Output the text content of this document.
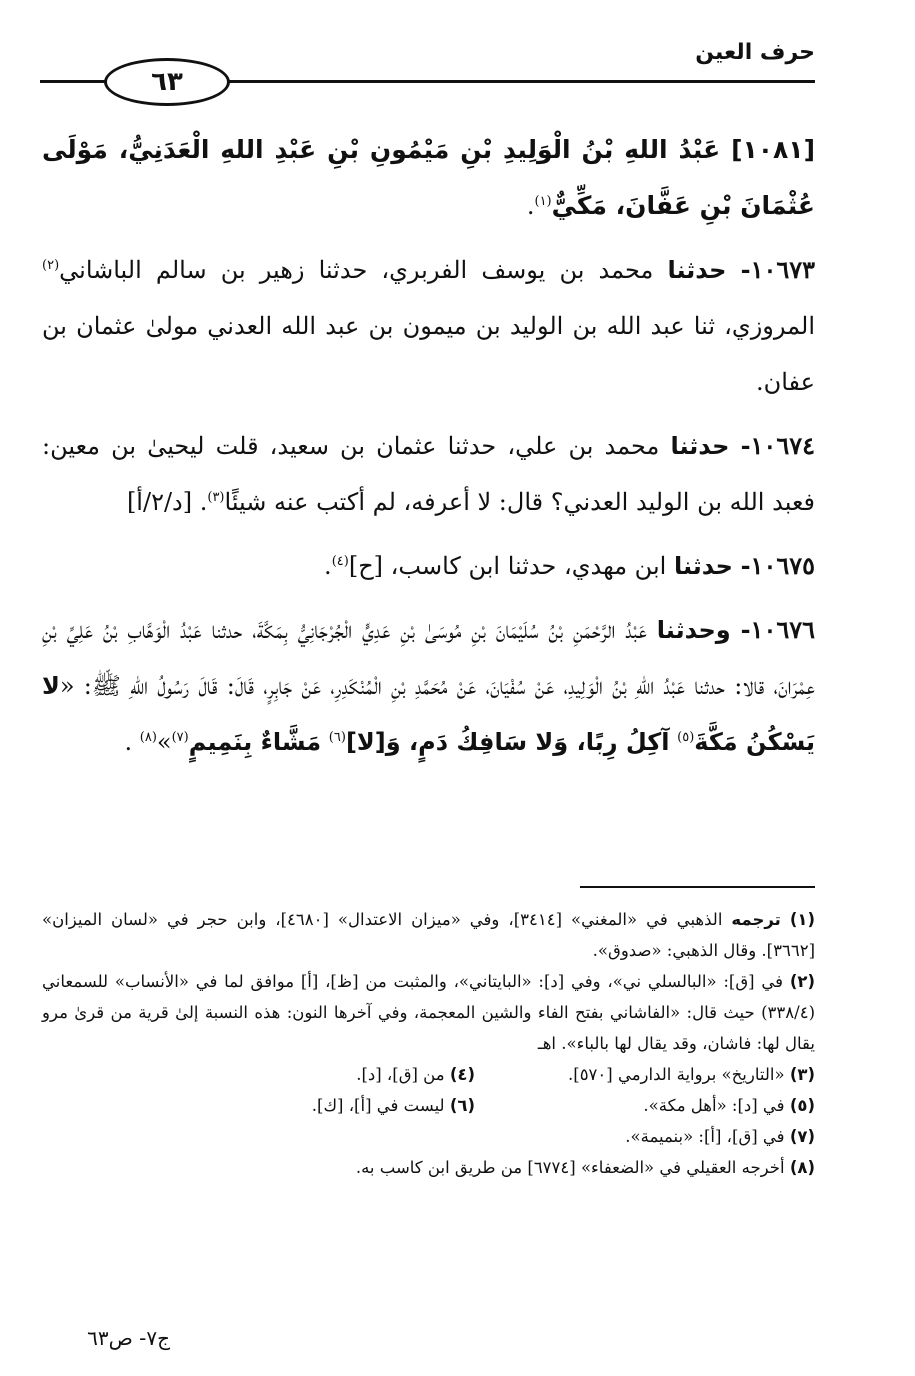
حرف العين
٦٣

[١٠٨١] عَبْدُ اللهِ بْنُ الْوَلِيدِ بْنِ مَيْمُونِ بْنِ عَبْدِ اللهِ الْعَدَنِيُّ، مَوْلَى عُثْمَانَ بْنِ عَفَّانَ، مَكِّيٌّ$^{(١)}$.

١٠٦٧٣- حدثنا محمد بن يوسف الفربري، حدثنا زهير بن سالم الباشاني$^{(٢)}$ المروزي، ثنا عبد الله بن الوليد بن ميمون بن عبد الله العدني مولىٰ عثمان بن عفان.

١٠٦٧٤- حدثنا محمد بن علي، حدثنا عثمان بن سعيد، قلت ليحيىٰ بن معين: فعبد الله بن الوليد العدني؟ قال: لا أعرفه، لم أكتب عنه شيئًا$^{(٣)}$. [د/٢/أ]

١٠٦٧٥- حدثنا ابن مهدي، حدثنا ابن كاسب، [ح]$^{(٤)}$.

١٠٦٧٦- وحدثنا عَبْدُ الرَّحْمَنِ بْنُ سُلَيْمَانَ بْنِ مُوسَىٰ بْنِ عَدِيٍّ الْجُرْجَانِيُّ بِمَكَّةَ، حدثنا عَبْدُ الْوَهَّابِ بْنُ عَلِيِّ بْنِ عِمْرَانَ، قالا: حدثنا عَبْدُ اللهِ بْنُ الْوَلِيدِ، عَنْ سُفْيَانَ، عَنْ مُحَمَّدِ بْنِ الْمُنْكَدِرِ، عَنْ جَابِرٍ، قَالَ: قَالَ رَسُولُ اللهِ ﷺ: «لا يَسْكُنُ مَكَّةَ$^{(٥)}$ آكِلُ رِبًا، وَلا سَافِكُ دَمٍ، وَ[لا]$^{(٦)}$ مَشَّاءٌ بِنَمِيمٍ$^{(٧)}$»$^{(٨)}$ .

(١) ترجمه الذهبي في «المغني» [٣٤١٤]، وفي «ميزان الاعتدال» [٤٦٨٠]، وابن حجر في «لسان الميزان» [٣٦٦٢]. وقال الذهبي: «صدوق».

(٢) في [ق]: «البالسلي ني»، وفي [د]: «البايتاني»، والمثبت من [ظ]، [أ] موافق لما في «الأنساب» للسمعاني (٣٣٨/٤) حيث قال: «الفاشاني بفتح الفاء والشين المعجمة، وفي آخرها النون: هذه النسبة إلىٰ قرية من قرىٰ مرو يقال لها: فاشان، وقد يقال لها بالباء». اهـ

(٣) «التاريخ» برواية الدارمي [٥٧٠].

(٤) من [ق]، [د].

(٥) في [د]: «أهل مكة».

(٦) ليست في [أ]، [ك].

(٧) في [ق]، [أ]: «بنميمة».

(٨) أخرجه العقيلي في «الضعفاء» [٦٧٧٤] من طريق ابن كاسب به.

ج٧- ص٦٣
